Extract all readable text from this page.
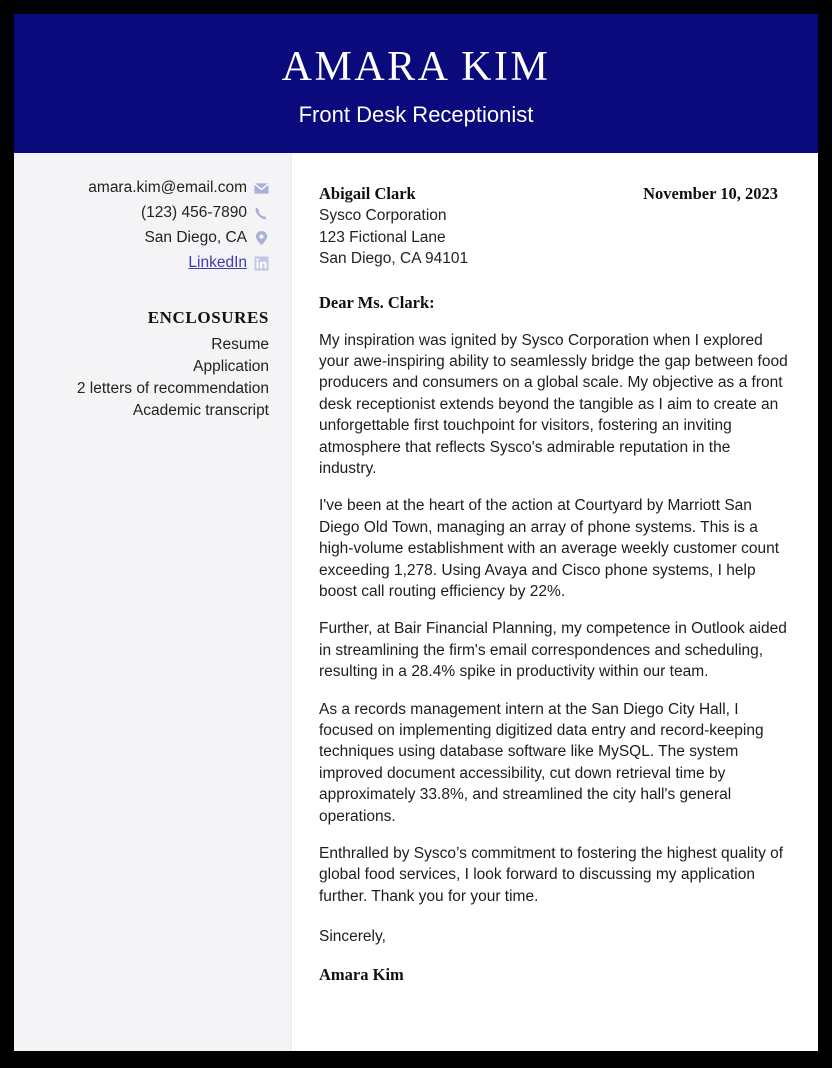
AMARA KIM
Front Desk Receptionist
amara.kim@email.com
(123) 456-7890
San Diego, CA
LinkedIn
ENCLOSURES
Resume
Application
2 letters of recommendation
Academic transcript
Abigail Clark	November 10, 2023
Sysco Corporation
123 Fictional Lane
San Diego, CA 94101
Dear Ms. Clark:

My inspiration was ignited by Sysco Corporation when I explored your awe-inspiring ability to seamlessly bridge the gap between food producers and consumers on a global scale. My objective as a front desk receptionist extends beyond the tangible as I aim to create an unforgettable first touchpoint for visitors, fostering an inviting atmosphere that reflects Sysco's admirable reputation in the industry.

I've been at the heart of the action at Courtyard by Marriott San Diego Old Town, managing an array of phone systems. This is a high-volume establishment with an average weekly customer count exceeding 1,278. Using Avaya and Cisco phone systems, I help boost call routing efficiency by 22%.

Further, at Bair Financial Planning, my competence in Outlook aided in streamlining the firm's email correspondences and scheduling, resulting in a 28.4% spike in productivity within our team.

As a records management intern at the San Diego City Hall, I focused on implementing digitized data entry and record-keeping techniques using database software like MySQL. The system improved document accessibility, cut down retrieval time by approximately 33.8%, and streamlined the city hall's general operations.

Enthralled by Sysco’s commitment to fostering the highest quality of global food services, I look forward to discussing my application further. Thank you for your time.

Sincerely,
Amara Kim
